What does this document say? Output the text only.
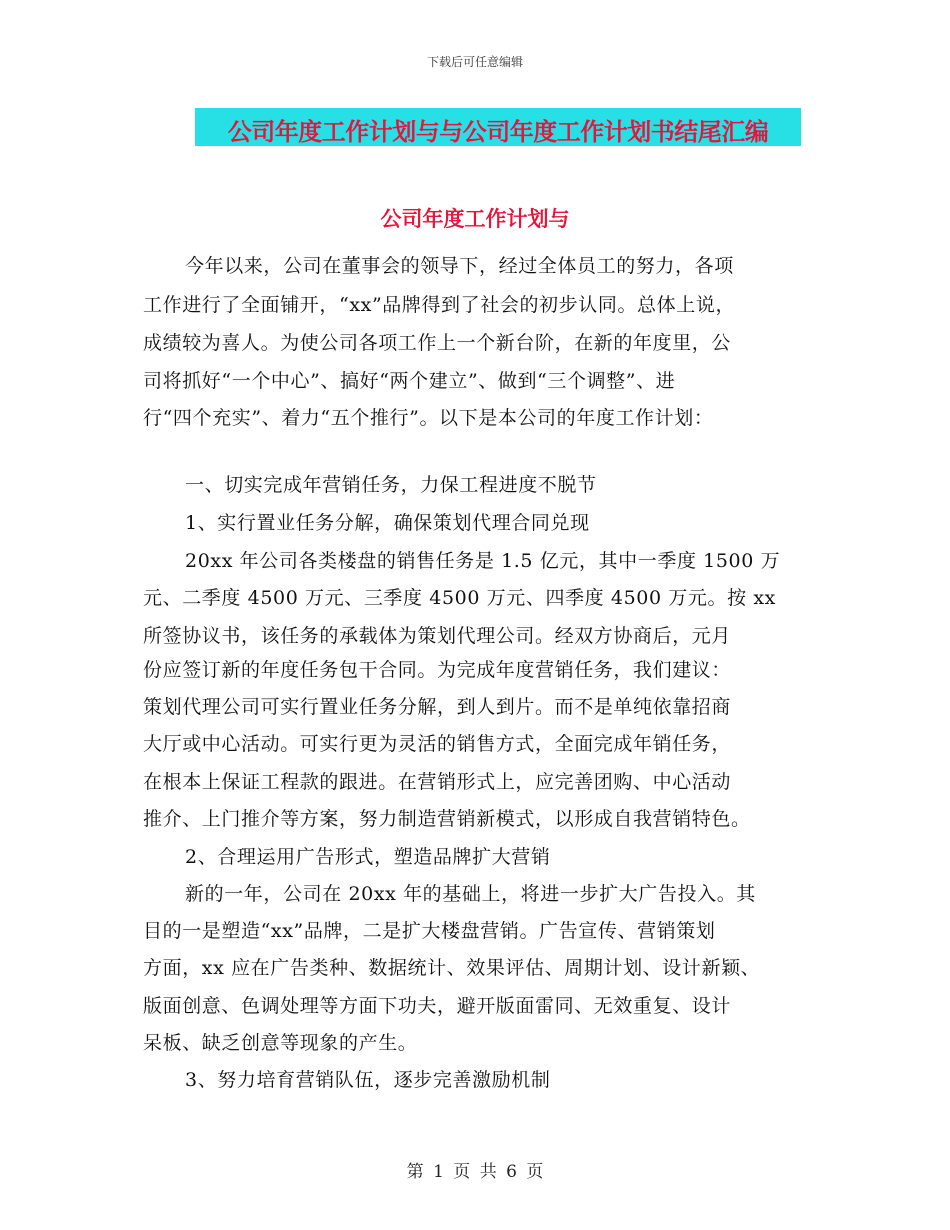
下载后可任意编辑
公司年度工作计划与与公司年度工作计划书结尾汇编
公司年度工作计划与
今年以来，公司在董事会的领导下，经过全体员工的努力，各项
工作进行了全面铺开，“xx”品牌得到了社会的初步认同。总体上说，
成绩较为喜人。为使公司各项工作上一个新台阶，在新的年度里，公
司将抓好“一个中心”、搞好“两个建立”、做到“三个调整”、进
行“四个充实”、着力“五个推行”。以下是本公司的年度工作计划：
一、切实完成年营销任务，力保工程进度不脱节
1、实行置业任务分解，确保策划代理合同兑现
20xx 年公司各类楼盘的销售任务是 1.5 亿元，其中一季度 1500 万
元、二季度 4500 万元、三季度 4500 万元、四季度 4500 万元。按 xx
所签协议书，该任务的承载体为策划代理公司。经双方协商后，元月
份应签订新的年度任务包干合同。为完成年度营销任务，我们建议：
策划代理公司可实行置业任务分解，到人到片。而不是单纯依靠招商
大厅或中心活动。可实行更为灵活的销售方式，全面完成年销任务，
在根本上保证工程款的跟进。在营销形式上，应完善团购、中心活动
推介、上门推介等方案，努力制造营销新模式，以形成自我营销特色。
2、合理运用广告形式，塑造品牌扩大营销
新的一年，公司在 20xx 年的基础上，将进一步扩大广告投入。其
目的一是塑造“xx”品牌，二是扩大楼盘营销。广告宣传、营销策划
方面，xx 应在广告类种、数据统计、效果评估、周期计划、设计新颖、
版面创意、色调处理等方面下功夫，避开版面雷同、无效重复、设计
呆板、缺乏创意等现象的产生。
3、努力培育营销队伍，逐步完善激励机制
第 1 页 共 6 页
